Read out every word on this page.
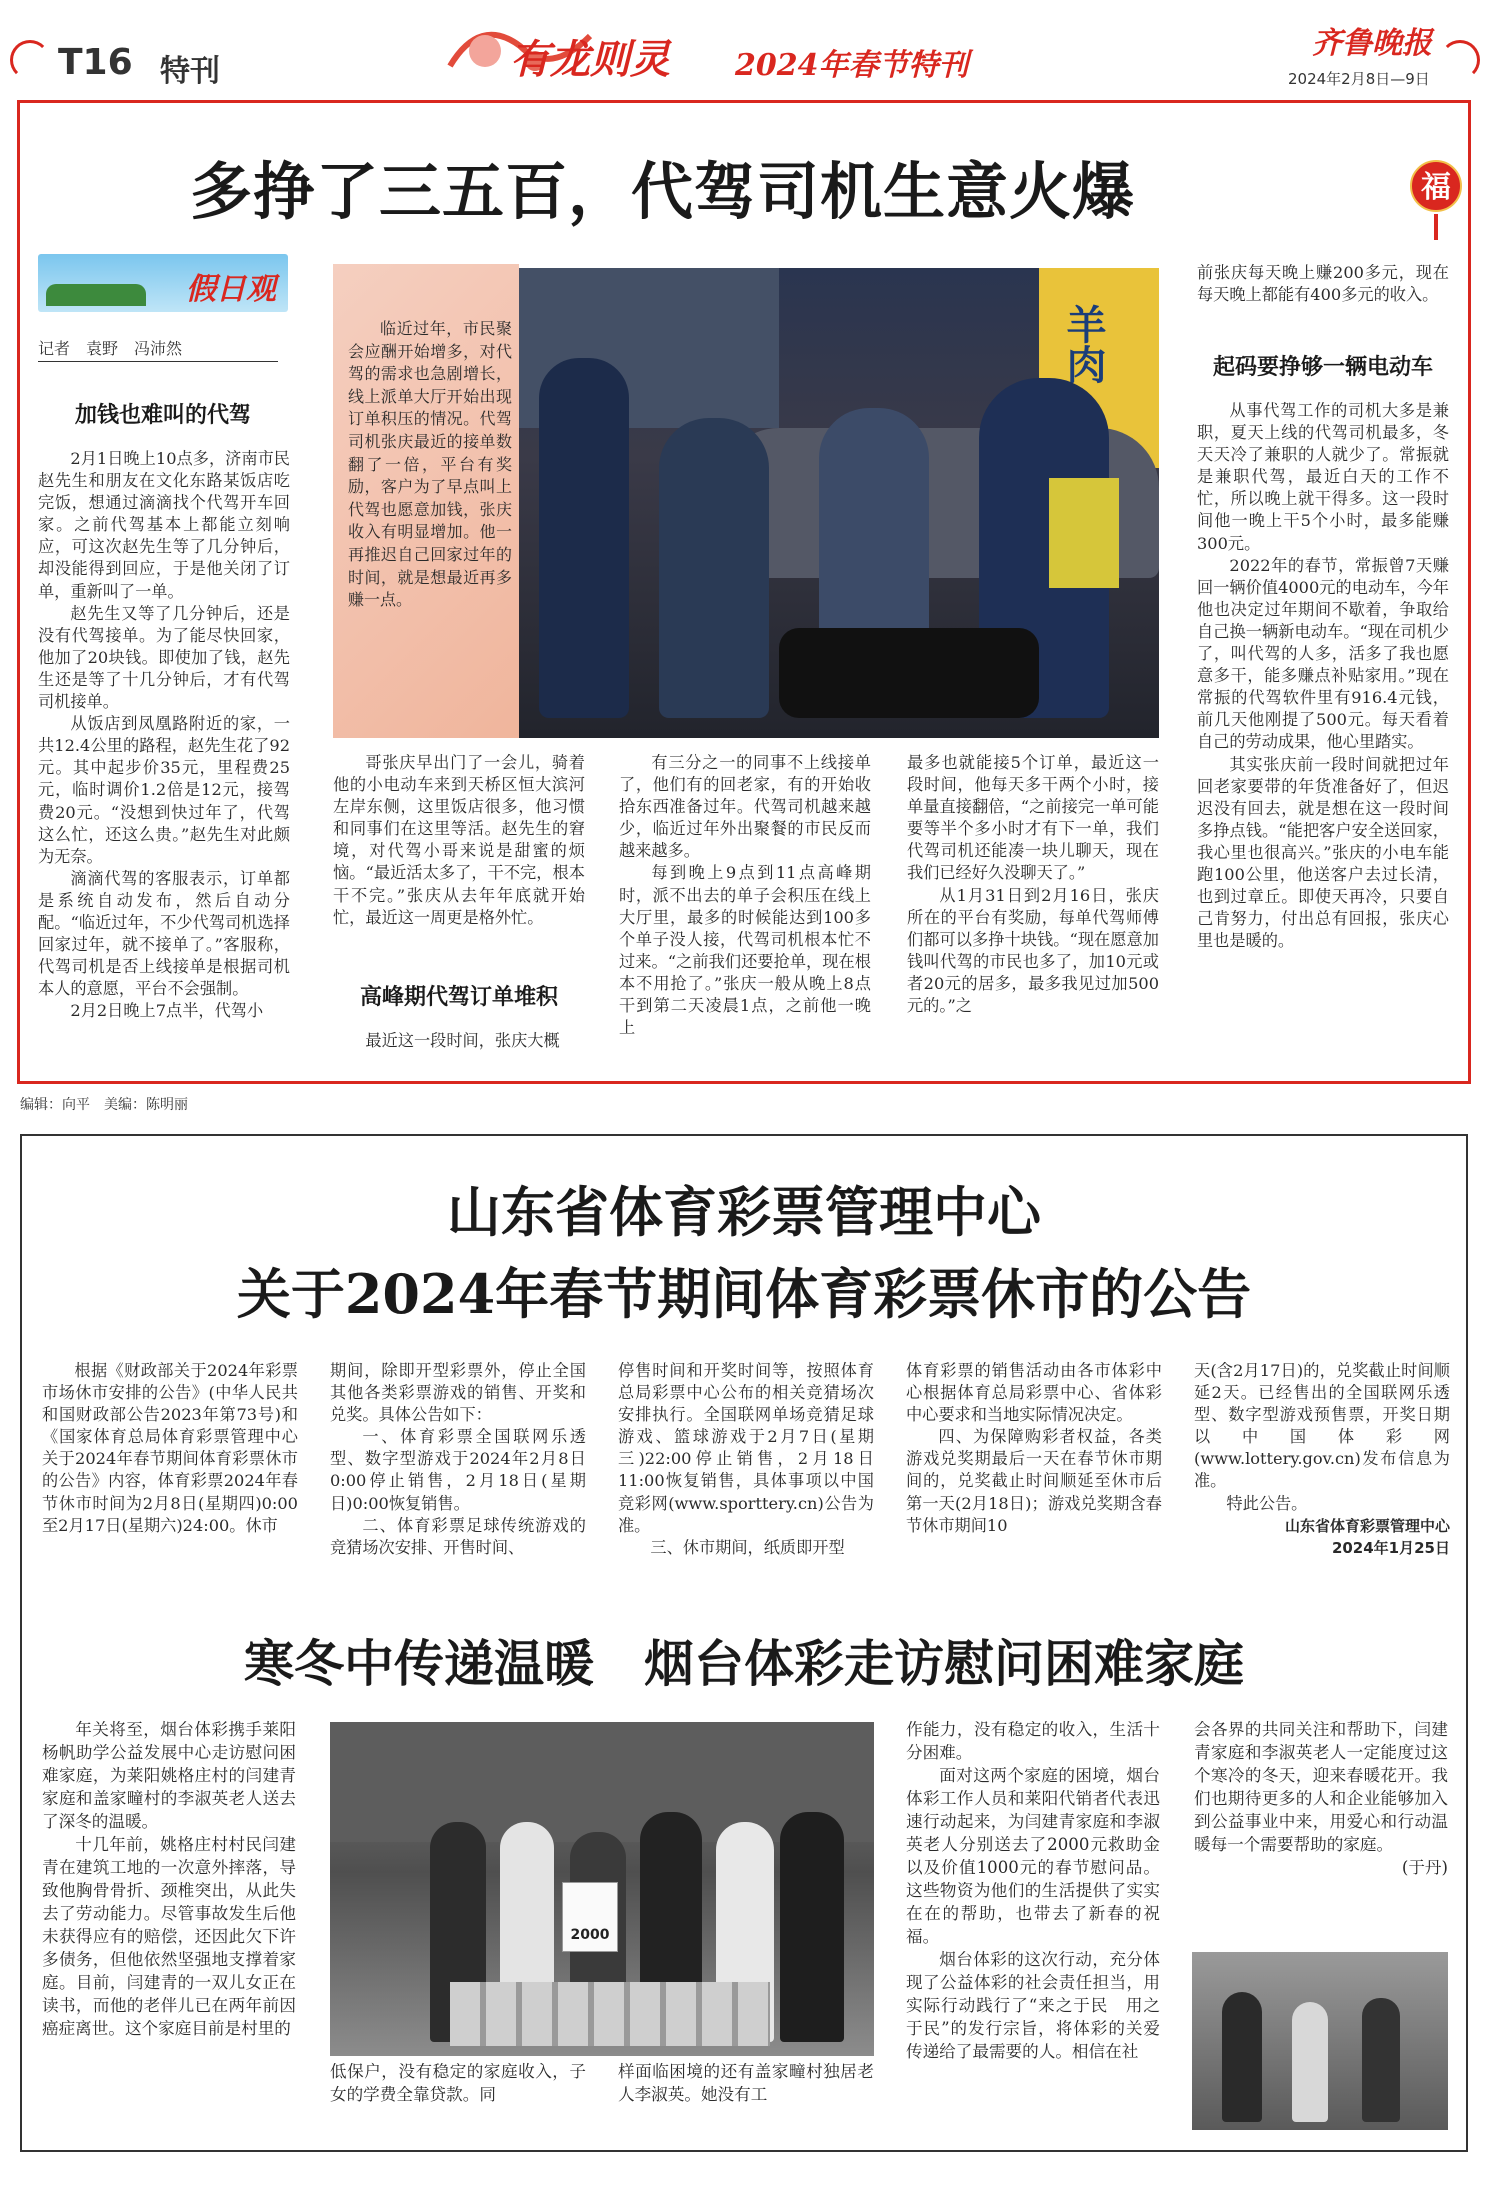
T16 特刊	有龙则灵 2024年春节特刊
齐鲁晚报
2024年2月8日—9日
福
多挣了三五百，代驾司机生意火爆
假日观
记者　袁野　冯沛然
加钱也难叫的代驾

2月1日晚上10点多，济南市民赵先生和朋友在文化东路某饭店吃完饭，想通过滴滴找个代驾开车回家。之前代驾基本上都能立刻响应，可这次赵先生等了几分钟后，却没能得到回应，于是他关闭了订单，重新叫了一单。

赵先生又等了几分钟后，还是没有代驾接单。为了能尽快回家，他加了20块钱。即使加了钱，赵先生还是等了十几分钟后，才有代驾司机接单。

从饭店到凤凰路附近的家，一共12.4公里的路程，赵先生花了92元。其中起步价35元，里程费25元，临时调价1.2倍是12元，接驾费20元。“没想到快过年了，代驾这么忙，还这么贵。”赵先生对此颇为无奈。

滴滴代驾的客服表示，订单都是系统自动发布，然后自动分配。“临近过年，不少代驾司机选择回家过年，就不接单了。”客服称，代驾司机是否上线接单是根据司机本人的意愿，平台不会强制。

2月2日晚上7点半，代驾小

临近过年，市民聚会应酬开始增多，对代驾的需求也急剧增长，线上派单大厅开始出现订单积压的情况。代驾司机张庆最近的接单数翻了一倍，平台有奖励，客户为了早点叫上代驾也愿意加钱，张庆收入有明显增加。他一再推迟自己回家过年的时间，就是想最近再多赚一点。

羊肉

哥张庆早出门了一会儿，骑着他的小电动车来到天桥区恒大滨河左岸东侧，这里饭店很多，他习惯和同事们在这里等活。赵先生的窘境，对代驾小哥来说是甜蜜的烦恼。“最近活太多了，干不完，根本干不完。”张庆从去年年底就开始忙，最近这一周更是格外忙。

高峰期代驾订单堆积

最近这一段时间，张庆大概

有三分之一的同事不上线接单了，他们有的回老家，有的开始收拾东西准备过年。代驾司机越来越少，临近过年外出聚餐的市民反而越来越多。

每到晚上9点到11点高峰期时，派不出去的单子会积压在线上大厅里，最多的时候能达到100多个单子没人接，代驾司机根本忙不过来。“之前我们还要抢单，现在根本不用抢了。”张庆一般从晚上8点干到第二天凌晨1点，之前他一晚上

最多也就能接5个订单，最近这一段时间，他每天多干两个小时，接单量直接翻倍，“之前接完一单可能要等半个多小时才有下一单，我们代驾司机还能凑一块儿聊天，现在我们已经好久没聊天了。”

从1月31日到2月16日，张庆所在的平台有奖励，每单代驾师傅们都可以多挣十块钱。“现在愿意加钱叫代驾的市民也多了，加10元或者20元的居多，最多我见过加500元的。”之

前张庆每天晚上赚200多元，现在每天晚上都能有400多元的收入。

起码要挣够一辆电动车

从事代驾工作的司机大多是兼职，夏天上线的代驾司机最多，冬天天冷了兼职的人就少了。常振就是兼职代驾，最近白天的工作不忙，所以晚上就干得多。这一段时间他一晚上干5个小时，最多能赚300元。

2022年的春节，常振曾7天赚回一辆价值4000元的电动车，今年他也决定过年期间不歇着，争取给自己换一辆新电动车。“现在司机少了，叫代驾的人多，活多了我也愿意多干，能多赚点补贴家用。”现在常振的代驾软件里有916.4元钱，前几天他刚提了500元。每天看着自己的劳动成果，他心里踏实。

其实张庆前一段时间就把过年回老家要带的年货准备好了，但迟迟没有回去，就是想在这一段时间多挣点钱。“能把客户安全送回家，我心里也很高兴。”张庆的小电车能跑100公里，他送客户去过长清，也到过章丘。即使天再冷，只要自己肯努力，付出总有回报，张庆心里也是暖的。

编辑：向平　美编：陈明丽
山东省体育彩票管理中心
关于2024年春节期间体育彩票休市的公告

根据《财政部关于2024年彩票市场休市安排的公告》(中华人民共和国财政部公告2023年第73号)和《国家体育总局体育彩票管理中心关于2024年春节期间体育彩票休市的公告》内容，体育彩票2024年春节休市时间为2月8日(星期四)0:00至2月17日(星期六)24:00。休市

期间，除即开型彩票外，停止全国其他各类彩票游戏的销售、开奖和兑奖。具体公告如下：

一、体育彩票全国联网乐透型、数字型游戏于2024年2月8日0:00停止销售，2月18日(星期日)0:00恢复销售。

二、体育彩票足球传统游戏的竞猜场次安排、开售时间、

停售时间和开奖时间等，按照体育总局彩票中心公布的相关竞猜场次安排执行。全国联网单场竞猜足球游戏、篮球游戏于2月7日(星期三)22:00停止销售，2月18日11:00恢复销售，具体事项以中国竞彩网(www.sporttery.cn)公告为准。

三、休市期间，纸质即开型

体育彩票的销售活动由各市体彩中心根据体育总局彩票中心、省体彩中心要求和当地实际情况决定。

四、为保障购彩者权益，各类游戏兑奖期最后一天在春节休市期间的，兑奖截止时间顺延至休市后第一天(2月18日)；游戏兑奖期含春节休市期间10

天(含2月17日)的，兑奖截止时间顺延2天。已经售出的全国联网乐透型、数字型游戏预售票，开奖日期以中国体彩网(www.lottery.gov.cn)发布信息为准。

特此公告。

山东省体育彩票管理中心
2024年1月25日
寒冬中传递温暖　烟台体彩走访慰问困难家庭

年关将至，烟台体彩携手莱阳杨帆助学公益发展中心走访慰问困难家庭，为莱阳姚格庄村的闫建青家庭和盖家疃村的李淑英老人送去了深冬的温暖。

十几年前，姚格庄村村民闫建青在建筑工地的一次意外摔落，导致他胸骨骨折、颈椎突出，从此失去了劳动能力。尽管事故发生后他未获得应有的赔偿，还因此欠下许多债务，但他依然坚强地支撑着家庭。目前，闫建青的一双儿女正在读书，而他的老伴儿已在两年前因癌症离世。这个家庭目前是村里的

2000

低保户，没有稳定的家庭收入，子女的学费全靠贷款。同

样面临困境的还有盖家疃村独居老人李淑英。她没有工

作能力，没有稳定的收入，生活十分困难。

面对这两个家庭的困境，烟台体彩工作人员和莱阳代销者代表迅速行动起来，为闫建青家庭和李淑英老人分别送去了2000元救助金以及价值1000元的春节慰问品。这些物资为他们的生活提供了实实在在的帮助，也带去了新春的祝福。

烟台体彩的这次行动，充分体现了公益体彩的社会责任担当，用实际行动践行了“来之于民　用之于民”的发行宗旨，将体彩的关爱传递给了最需要的人。相信在社

会各界的共同关注和帮助下，闫建青家庭和李淑英老人一定能度过这个寒冷的冬天，迎来春暖花开。我们也期待更多的人和企业能够加入到公益事业中来，用爱心和行动温暖每一个需要帮助的家庭。

(于丹)
